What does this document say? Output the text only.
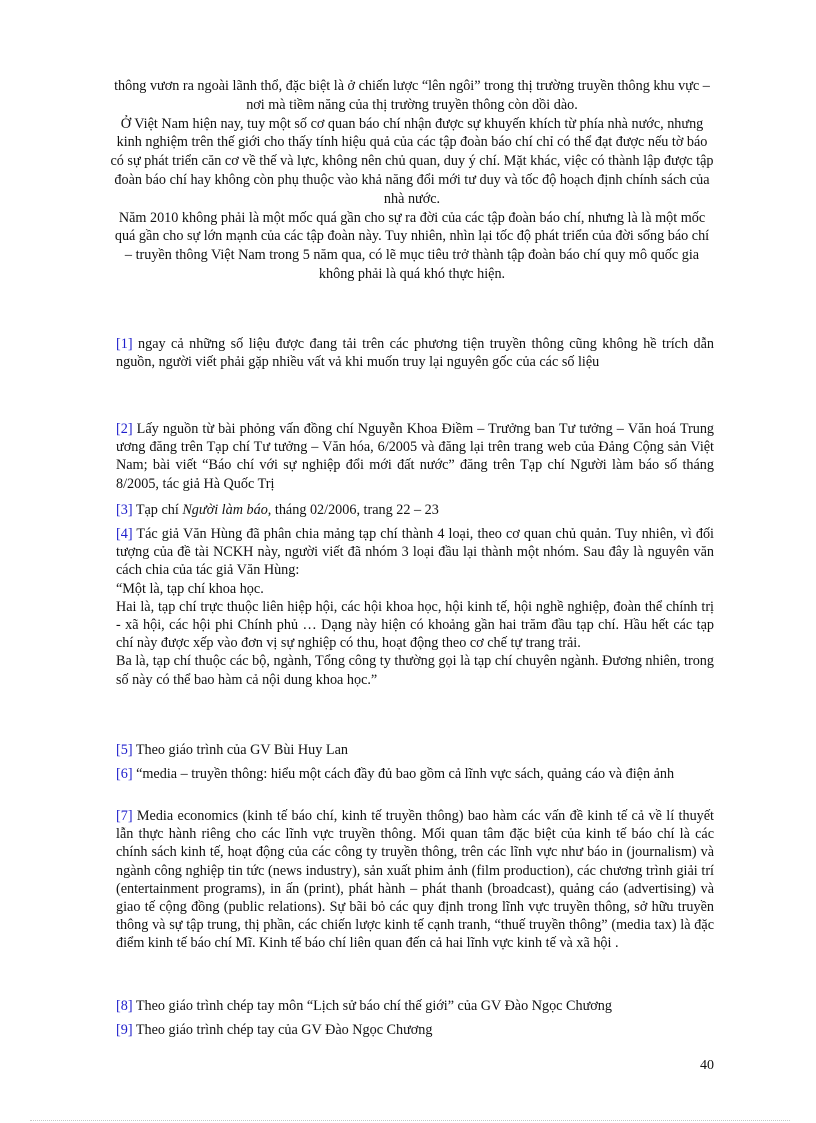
thông vươn ra ngoài lãnh thổ, đặc biệt là ở chiến lược “lên ngôi” trong thị trường truyền thông khu vực – nơi mà tiềm năng của thị trường truyền thông còn dồi dào.

Ở Việt Nam hiện nay, tuy một số cơ quan báo chí nhận được sự khuyến khích từ phía nhà nước, nhưng kinh nghiệm trên thế giới cho thấy tính hiệu quả của các tập đoàn báo chí chỉ có thể đạt được nếu tờ báo có sự phát triển căn cơ về thế và lực, không nên chủ quan, duy ý chí. Mặt khác, việc có thành lập được tập đoàn báo chí hay không còn phụ thuộc vào khả năng đổi mới tư duy và tốc độ hoạch định chính sách của nhà nước.

Năm 2010 không phải là một mốc quá gần cho sự ra đời của các tập đoàn báo chí, nhưng là là một mốc quá gần cho sự lớn mạnh của các tập đoàn này. Tuy nhiên, nhìn lại tốc độ phát triển của đời sống báo chí – truyền thông Việt Nam trong 5 năm qua, có lẽ mục tiêu trở thành tập đoàn báo chí quy mô quốc gia không phải là quá khó thực hiện.

[1] ngay cả những số liệu được đang tải trên các phương tiện truyền thông cũng không hề trích dẫn nguồn, người viết phải gặp nhiều vất vả khi muốn truy lại nguyên gốc của các số liệu

[2] Lấy nguồn từ bài phỏng vấn đồng chí Nguyễn Khoa Điềm – Trưởng ban Tư tưởng – Văn hoá Trung ương đăng trên Tạp chí Tư tưởng – Văn hóa, 6/2005 và đăng lại trên trang web của Đảng Cộng sản Việt Nam; bài viết “Báo chí với sự nghiệp đổi mới đất nước” đăng trên Tạp chí Người làm báo số tháng 8/2005, tác giả Hà Quốc Trị

[3] Tạp chí Người làm báo, tháng 02/2006, trang 22 – 23

[4] Tác giả Văn Hùng đã phân chia mảng tạp chí thành 4 loại, theo cơ quan chủ quản. Tuy nhiên, vì đối tượng của đề tài NCKH này, người viết đã nhóm 3 loại đầu lại thành một nhóm. Sau đây là nguyên văn cách chia của tác giả Văn Hùng:

“Một là, tạp chí khoa học.

Hai là, tạp chí trực thuộc liên hiệp hội, các hội khoa học, hội kinh tế, hội nghề nghiệp, đoàn thể chính trị - xã hội, các hội phi Chính phủ … Dạng này hiện có khoảng gần hai trăm đầu tạp chí. Hầu hết các tạp chí này được xếp vào đơn vị sự nghiệp có thu, hoạt động theo cơ chế tự trang trải.

Ba là, tạp chí thuộc các bộ, ngành, Tổng công ty thường gọi là tạp chí chuyên ngành. Đương nhiên, trong số này có thể bao hàm cả nội dung khoa học.”

[5] Theo giáo trình của GV Bùi Huy Lan

[6] “media – truyền thông: hiểu một cách đầy đủ bao gồm cả lĩnh vực sách, quảng cáo và điện ảnh

[7] Media economics (kinh tế báo chí, kinh tế truyền thông) bao hàm các vấn đề kinh tế cả về lí thuyết lẫn thực hành riêng cho các lĩnh vực truyền thông. Mối quan tâm đặc biệt của kinh tế báo chí là các chính sách kinh tế, hoạt động của các công ty truyền thông, trên các lĩnh vực như báo in (journalism) và ngành công nghiệp tin tức (news industry), sản xuất phim ảnh (film production), các chương trình giải trí (entertainment programs), in ấn (print), phát hành – phát thanh (broadcast), quảng cáo (advertising) và giao tế cộng đồng (public relations). Sự bãi bỏ các quy định trong lĩnh vực truyền thông, sở hữu truyền thông và sự tập trung, thị phần, các chiến lược kinh tế cạnh tranh, “thuế truyền thông” (media tax) là đặc điểm kinh tế báo chí Mĩ. Kinh tế báo chí liên quan đến cả hai lĩnh vực kinh tế và xã hội .

[8] Theo giáo trình chép tay môn “Lịch sử báo chí thế giới” của GV Đào Ngọc Chương

[9] Theo giáo trình chép tay của GV Đào Ngọc Chương

40
